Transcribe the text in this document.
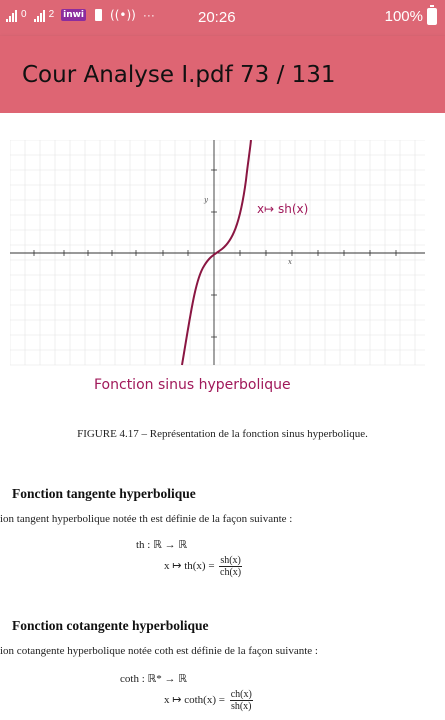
0 2 inwi ((•)) ···	20:26	100%
Cour Analyse I.pdf 73 / 131
y
x
x↦ sh(x)
Fonction sinus hyperbolique
FIGURE 4.17 – Représentation de la fonction sinus hyperbolique.
Fonction tangente hyperbolique
ion tangent hyperbolique notée th est définie de la façon suivante :
th : ℝ → ℝ
x ↦ $th(x) = \frac{sh(x)}{ch(x)}$
Fonction cotangente hyperbolique
ion cotangente hyperbolique notée coth est définie de la façon suivante :
coth : ℝ* → ℝ
x ↦ $\cot h(x) = \frac{ch(x)}{sh(x)}$
